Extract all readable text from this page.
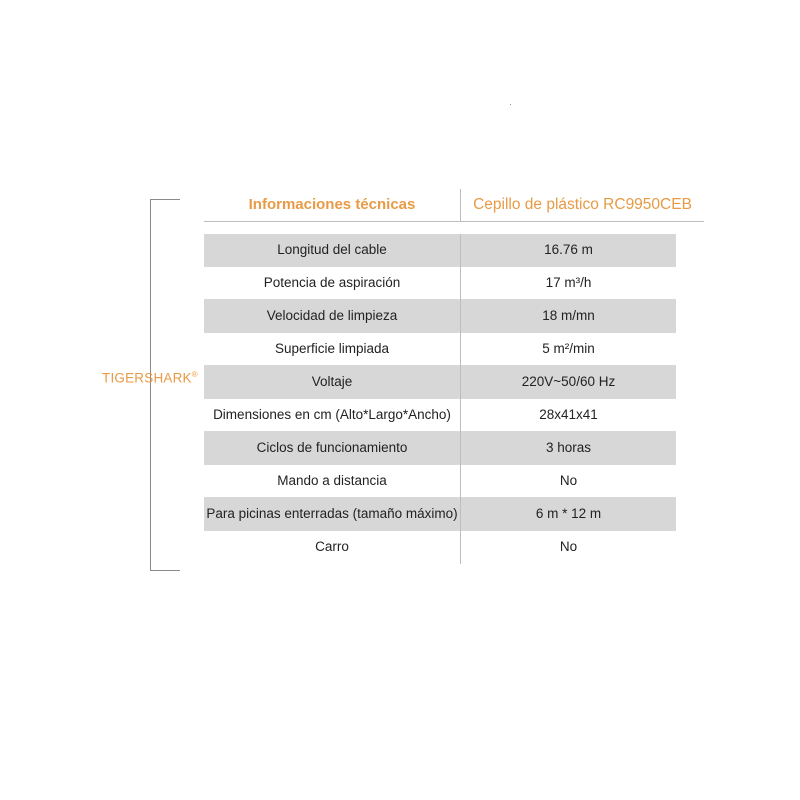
TIGERSHARK®
Informaciones técnicas	Cepillo de plástico RC9950CEB
Longitud del cable	16.76 m
Potencia de aspiración	17 m³/h
Velocidad de limpieza	18 m/mn
Superficie limpiada	5 m²/min
Voltaje	220V~50/60 Hz
Dimensiones en cm (Alto*Largo*Ancho)	28x41x41
Ciclos de funcionamiento	3 horas
Mando a distancia	No
Para picinas enterradas (tamaño máximo)	6 m * 12 m
Carro	No
